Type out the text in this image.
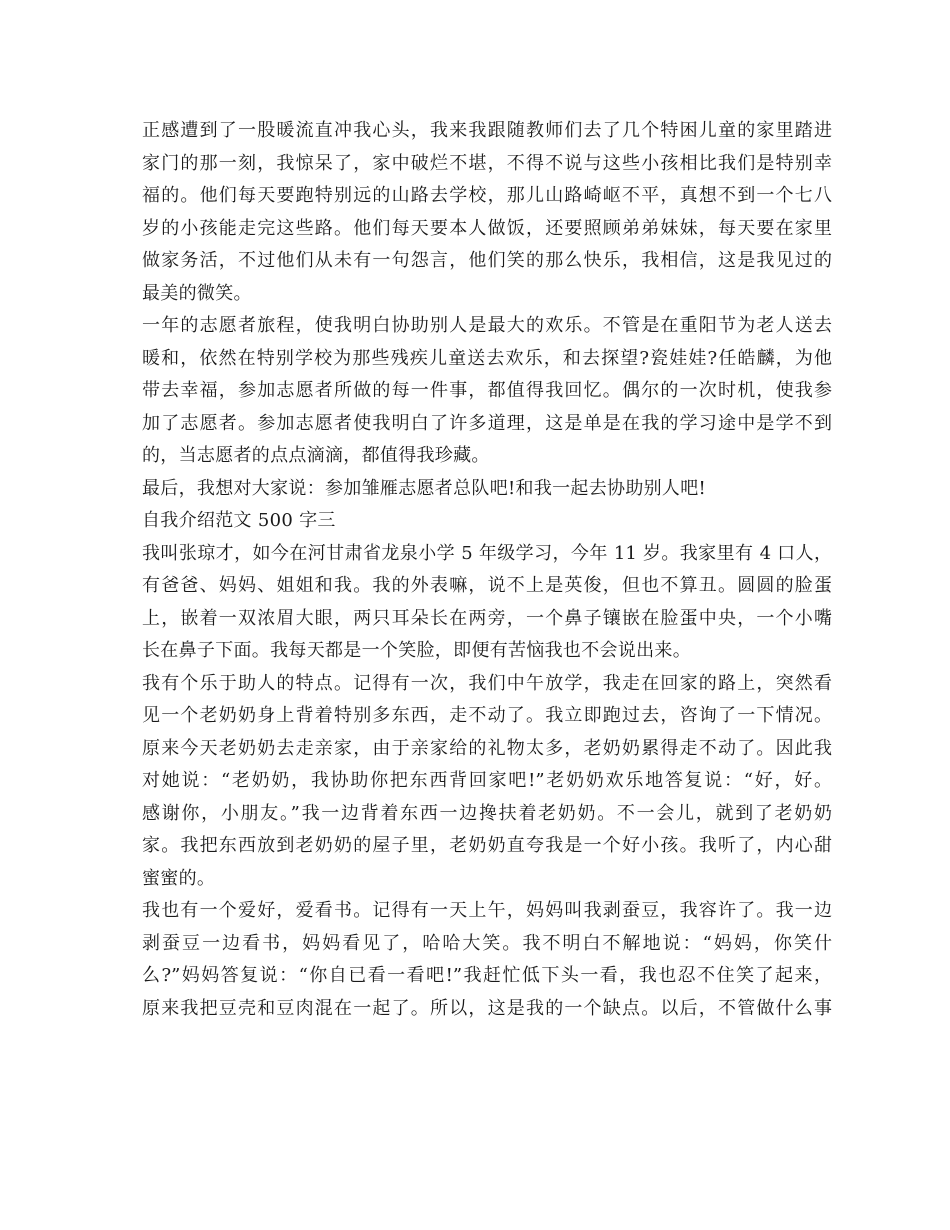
正感遭到了一股暖流直冲我心头，我来我跟随教师们去了几个特困儿童的家里踏进
家门的那一刻，我惊呆了，家中破烂不堪，不得不说与这些小孩相比我们是特别幸
福的。他们每天要跑特别远的山路去学校，那儿山路崎岖不平，真想不到一个七八
岁的小孩能走完这些路。他们每天要本人做饭，还要照顾弟弟妹妹，每天要在家里
做家务活，不过他们从未有一句怨言，他们笑的那么快乐，我相信，这是我见过的
最美的微笑。
一年的志愿者旅程，使我明白协助别人是最大的欢乐。不管是在重阳节为老人送去
暖和，依然在特别学校为那些残疾儿童送去欢乐，和去探望?瓷娃娃?任皓麟，为他
带去幸福，参加志愿者所做的每一件事，都值得我回忆。偶尔的一次时机，使我参
加了志愿者。参加志愿者使我明白了许多道理，这是单是在我的学习途中是学不到
的，当志愿者的点点滴滴，都值得我珍藏。
最后，我想对大家说：参加雏雁志愿者总队吧!和我一起去协助别人吧!
自我介绍范文 500 字三
我叫张琼才，如今在河甘肃省龙泉小学 5 年级学习，今年 11 岁。我家里有 4 口人，
有爸爸、妈妈、姐姐和我。我的外表嘛，说不上是英俊，但也不算丑。圆圆的脸蛋
上，嵌着一双浓眉大眼，两只耳朵长在两旁，一个鼻子镶嵌在脸蛋中央，一个小嘴
长在鼻子下面。我每天都是一个笑脸，即便有苦恼我也不会说出来。
我有个乐于助人的特点。记得有一次，我们中午放学，我走在回家的路上，突然看
见一个老奶奶身上背着特别多东西，走不动了。我立即跑过去，咨询了一下情况。
原来今天老奶奶去走亲家，由于亲家给的礼物太多，老奶奶累得走不动了。因此我
对她说：“老奶奶，我协助你把东西背回家吧!”老奶奶欢乐地答复说：“好，好。
感谢你，小朋友。”我一边背着东西一边搀扶着老奶奶。不一会儿，就到了老奶奶
家。我把东西放到老奶奶的屋子里，老奶奶直夸我是一个好小孩。我听了，内心甜
蜜蜜的。
我也有一个爱好，爱看书。记得有一天上午，妈妈叫我剥蚕豆，我容许了。我一边
剥蚕豆一边看书，妈妈看见了，哈哈大笑。我不明白不解地说：“妈妈，你笑什
么?”妈妈答复说：“你自已看一看吧!”我赶忙低下头一看，我也忍不住笑了起来，
原来我把豆壳和豆肉混在一起了。所以，这是我的一个缺点。以后，不管做什么事
